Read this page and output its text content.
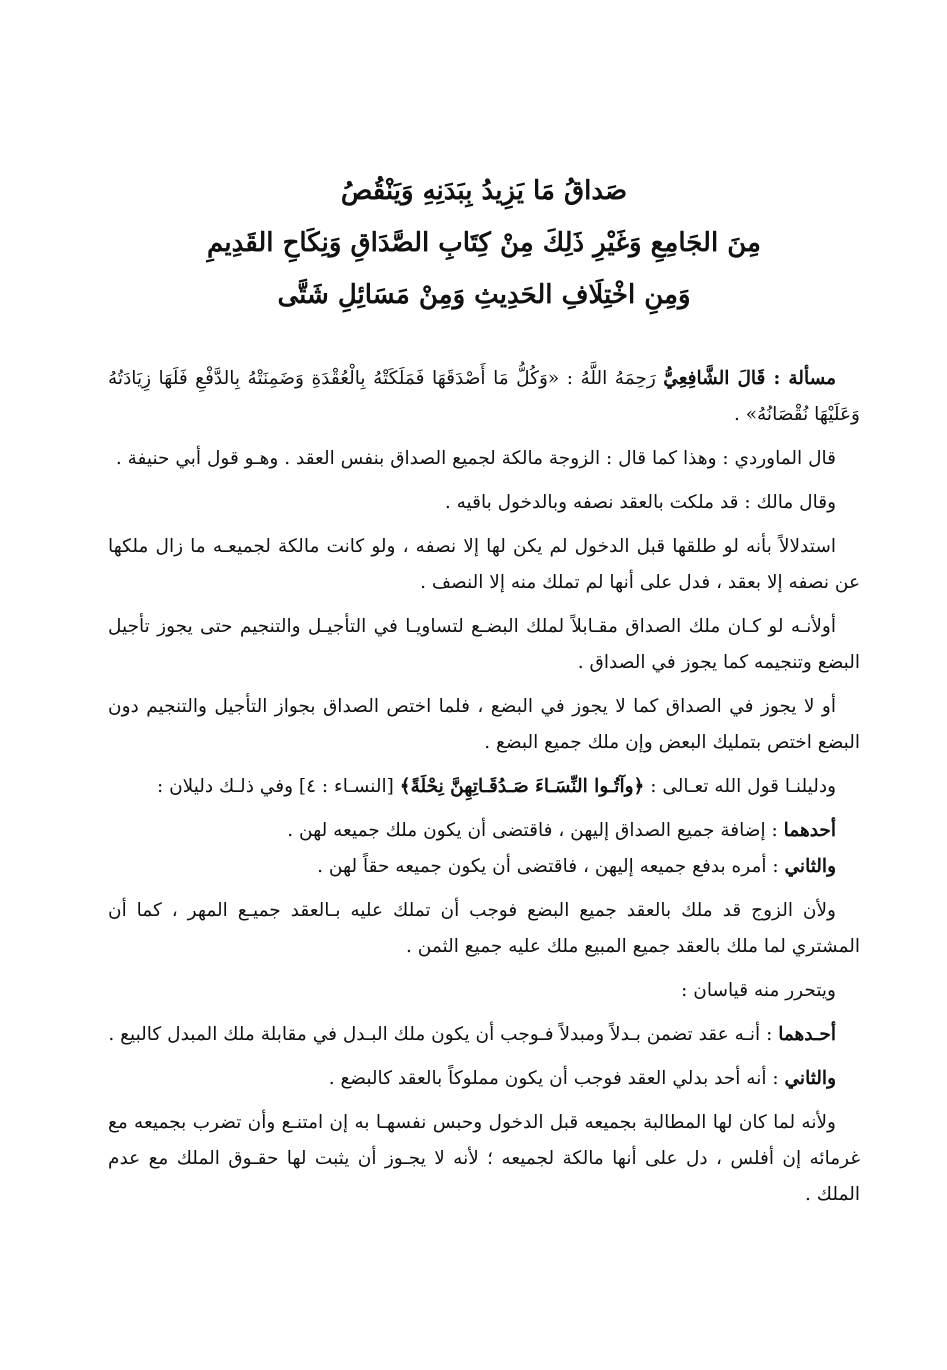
صَداقُ مَا يَزِيدُ بِبَدَنِهِ وَيَنْقُصُ
مِنَ الجَامِعِ وَغَيْرِ ذَلِكَ مِنْ كِتَابِ الصَّدَاقِ وَنِكَاحِ القَدِيمِ
وَمِنِ اخْتِلَافِ الحَدِيثِ وَمِنْ مَسَائِلِ شَتَّى

مسألة : قَالَ الشَّافِعِيُّ رَحِمَهُ اللَّهُ : «وَكُلُّ مَا أَصْدَقَهَا فَمَلَكَتْهُ بِالْعُقْدَةِ وَضَمِنَتْهُ بِالدَّفْعِ فَلَهَا زِيَادَتُهُ وَعَلَيْهَا نُقْصَانُهُ» .

قال الماوردي : وهذا كما قال : الزوجة مالكة لجميع الصداق بنفس العقد . وهـو قول أبي حنيفة .

وقال مالك : قد ملكت بالعقد نصفه وبالدخول باقيه .

استدلالاً بأنه لو طلقها قبل الدخول لم يكن لها إلا نصفه ، ولو كانت مالكة لجميعـه ما زال ملكها عن نصفه إلا بعقد ، فدل على أنها لم تملك منه إلا النصف .

أولأنـه لو كـان ملك الصداق مقـابلاً لملك البضـع لتساويـا في التأجيـل والتنجيم حتى يجوز تأجيل البضع وتنجيمه كما يجوز في الصداق .

أو لا يجوز في الصداق كما لا يجوز في البضع ، فلما اختص الصداق بجواز التأجيل والتنجيم دون البضع اختص بتمليك البعض وإن ملك جميع البضع .

ودليلنـا قول الله تعـالى : ﴿وآتُـوا النِّسَـاءَ صَـدُقَـاتِهِنَّ نِحْلَةً﴾ [النسـاء : ٤] وفي ذلـك دليلان :

أحدهما : إضافة جميع الصداق إليهن ، فاقتضى أن يكون ملك جميعه لهن .

والثاني : أمره بدفع جميعه إليهن ، فاقتضى أن يكون جميعه حقاً لهن .

ولأن الزوج قد ملك بالعقد جميع البضع فوجب أن تملك عليه بـالعقد جميـع المهر ، كما أن المشتري لما ملك بالعقد جميع المبيع ملك عليه جميع الثمن .

ويتحرر منه قياسان :

أحـدهما : أنـه عقد تضمن بـدلاً ومبدلاً فـوجب أن يكون ملك البـدل في مقابلة ملك المبدل كالبيع .

والثاني : أنه أحد بدلي العقد فوجب أن يكون مملوكاً بالعقد كالبضع .

ولأنه لما كان لها المطالبة بجميعه قبل الدخول وحبس نفسهـا به إن امتنـع وأن تضرب بجميعه مع غرمائه إن أفلس ، دل على أنها مالكة لجميعه ؛ لأنه لا يجـوز أن يثبت لها حقـوق الملك مع عدم الملك .
